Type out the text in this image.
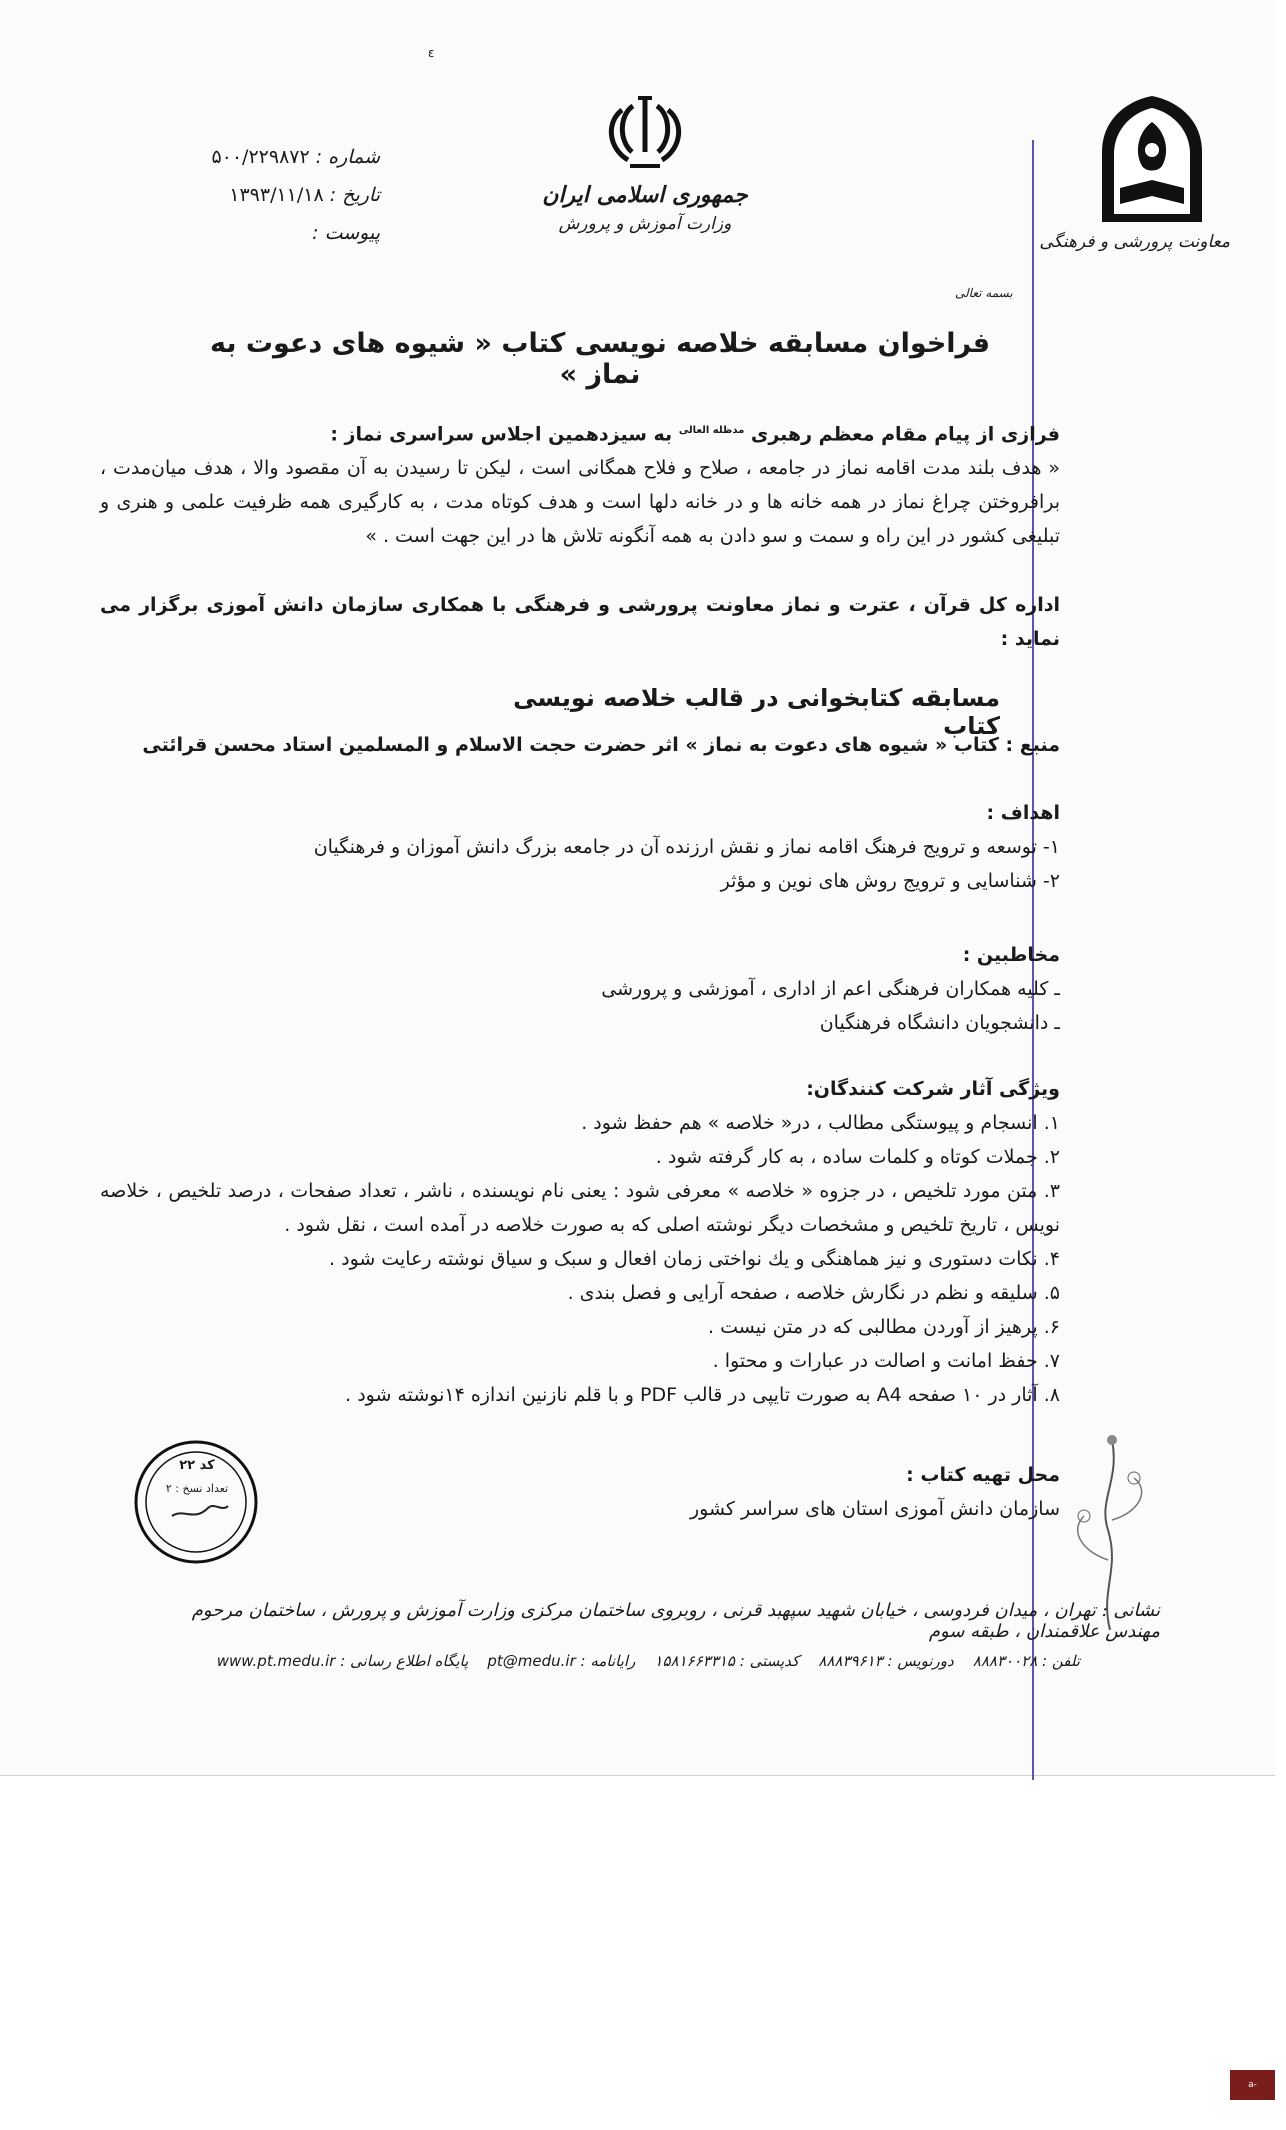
ε
شماره : ۵۰۰/۲۲۹۸۷۲
تاریخ : ۱۳۹۳/۱۱/۱۸
پیوست :
جمهوری اسلامی ایران
وزارت آموزش و پرورش
معاونت پرورشی و فرهنگی
بسمه تعالی
فراخوان مسابقه خلاصه نویسی کتاب « شیوه های دعوت به نماز »
فرازی از پیام مقام معظم رهبری $^{مدظله العالی}$ به سیزدهمین اجلاس سراسری نماز :
« هدف بلند مدت اقامه نماز در جامعه ، صلاح و فلاح همگانی است ، لیکن تا رسیدن به آن مقصود والا ، هدف میان‌مدت ، برافروختن چراغ نماز در همه خانه ها و در خانه دلها است و هدف کوتاه مدت ، به کارگیری همه ظرفیت علمی و هنری و تبلیغی کشور در این راه و سمت و سو دادن به همه آنگونه تلاش ها در این جهت است . »
اداره کل قرآن ، عترت و نماز معاونت پرورشی و فرهنگی با همکاری سازمان دانش آموزی برگزار می نماید :
مسابقه کتابخوانی در قالب خلاصه نویسی کتاب
منبع : کتاب « شیوه های دعوت به نماز » اثر حضرت حجت الاسلام و المسلمین استاد محسن قرائتی
اهداف :
۱- توسعه و ترویج فرهنگ اقامه نماز و نقش ارزنده آن در جامعه بزرگ دانش آموزان و فرهنگیان
۲- شناسایی و ترویج روش های نوین و مؤثر
مخاطبین :
ـ کلیه همکاران فرهنگی اعم از اداری ، آموزشی و پرورشی
ـ دانشجویان دانشگاه فرهنگیان
ویژگی آثار شرکت کنندگان:
۱. انسجام و پیوستگی مطالب ، در« خلاصه » هم حفظ شود .
۲. جملات کوتاه و کلمات ساده ، به کار گرفته شود .
۳. متن مورد تلخیص ، در جزوه « خلاصه » معرفی شود : یعنی نام نویسنده ، ناشر ، تعداد صفحات ، درصد تلخیص ، خلاصه نویس ، تاریخ تلخیص و مشخصات دیگر نوشته اصلی که به صورت خلاصه در آمده است ، نقل شود .
۴. نکات دستوری و نیز هماهنگی و یك نواختی زمان افعال و سبک و سیاق نوشته رعایت شود .
۵. سلیقه و نظم در نگارش خلاصه ، صفحه آرایی و فصل بندی .
۶. پرهیز از آوردن مطالبی که در متن نیست .
۷. حفظ امانت و اصالت در عبارات و محتوا .
۸. آثار در ۱۰ صفحه A4 به صورت تایپی در قالب PDF و با قلم نازنین اندازه ۱۴نوشته شود .
محل تهیه کتاب :
سازمان دانش آموزی استان های سراسر کشور
کد ۲۲
تعداد نسخ : ۲
نشانی : تهران ، میدان فردوسی ، خیابان شهید سپهبد قرنی ، روبروی ساختمان مرکزی وزارت آموزش و پرورش ، ساختمان مرحوم مهندس علاقمندان ، طبقه سوم
تلفن : ۸۸۸۳۰۰۲۸    دورنویس : ۸۸۸۳۹۶۱۳    کدپستی : ۱۵۸۱۶۶۳۳۱۵    رایانامه : pt@medu.ir    پایگاه اطلاع رسانی : www.pt.medu.ir
a-ben.cfu.ac.ir
